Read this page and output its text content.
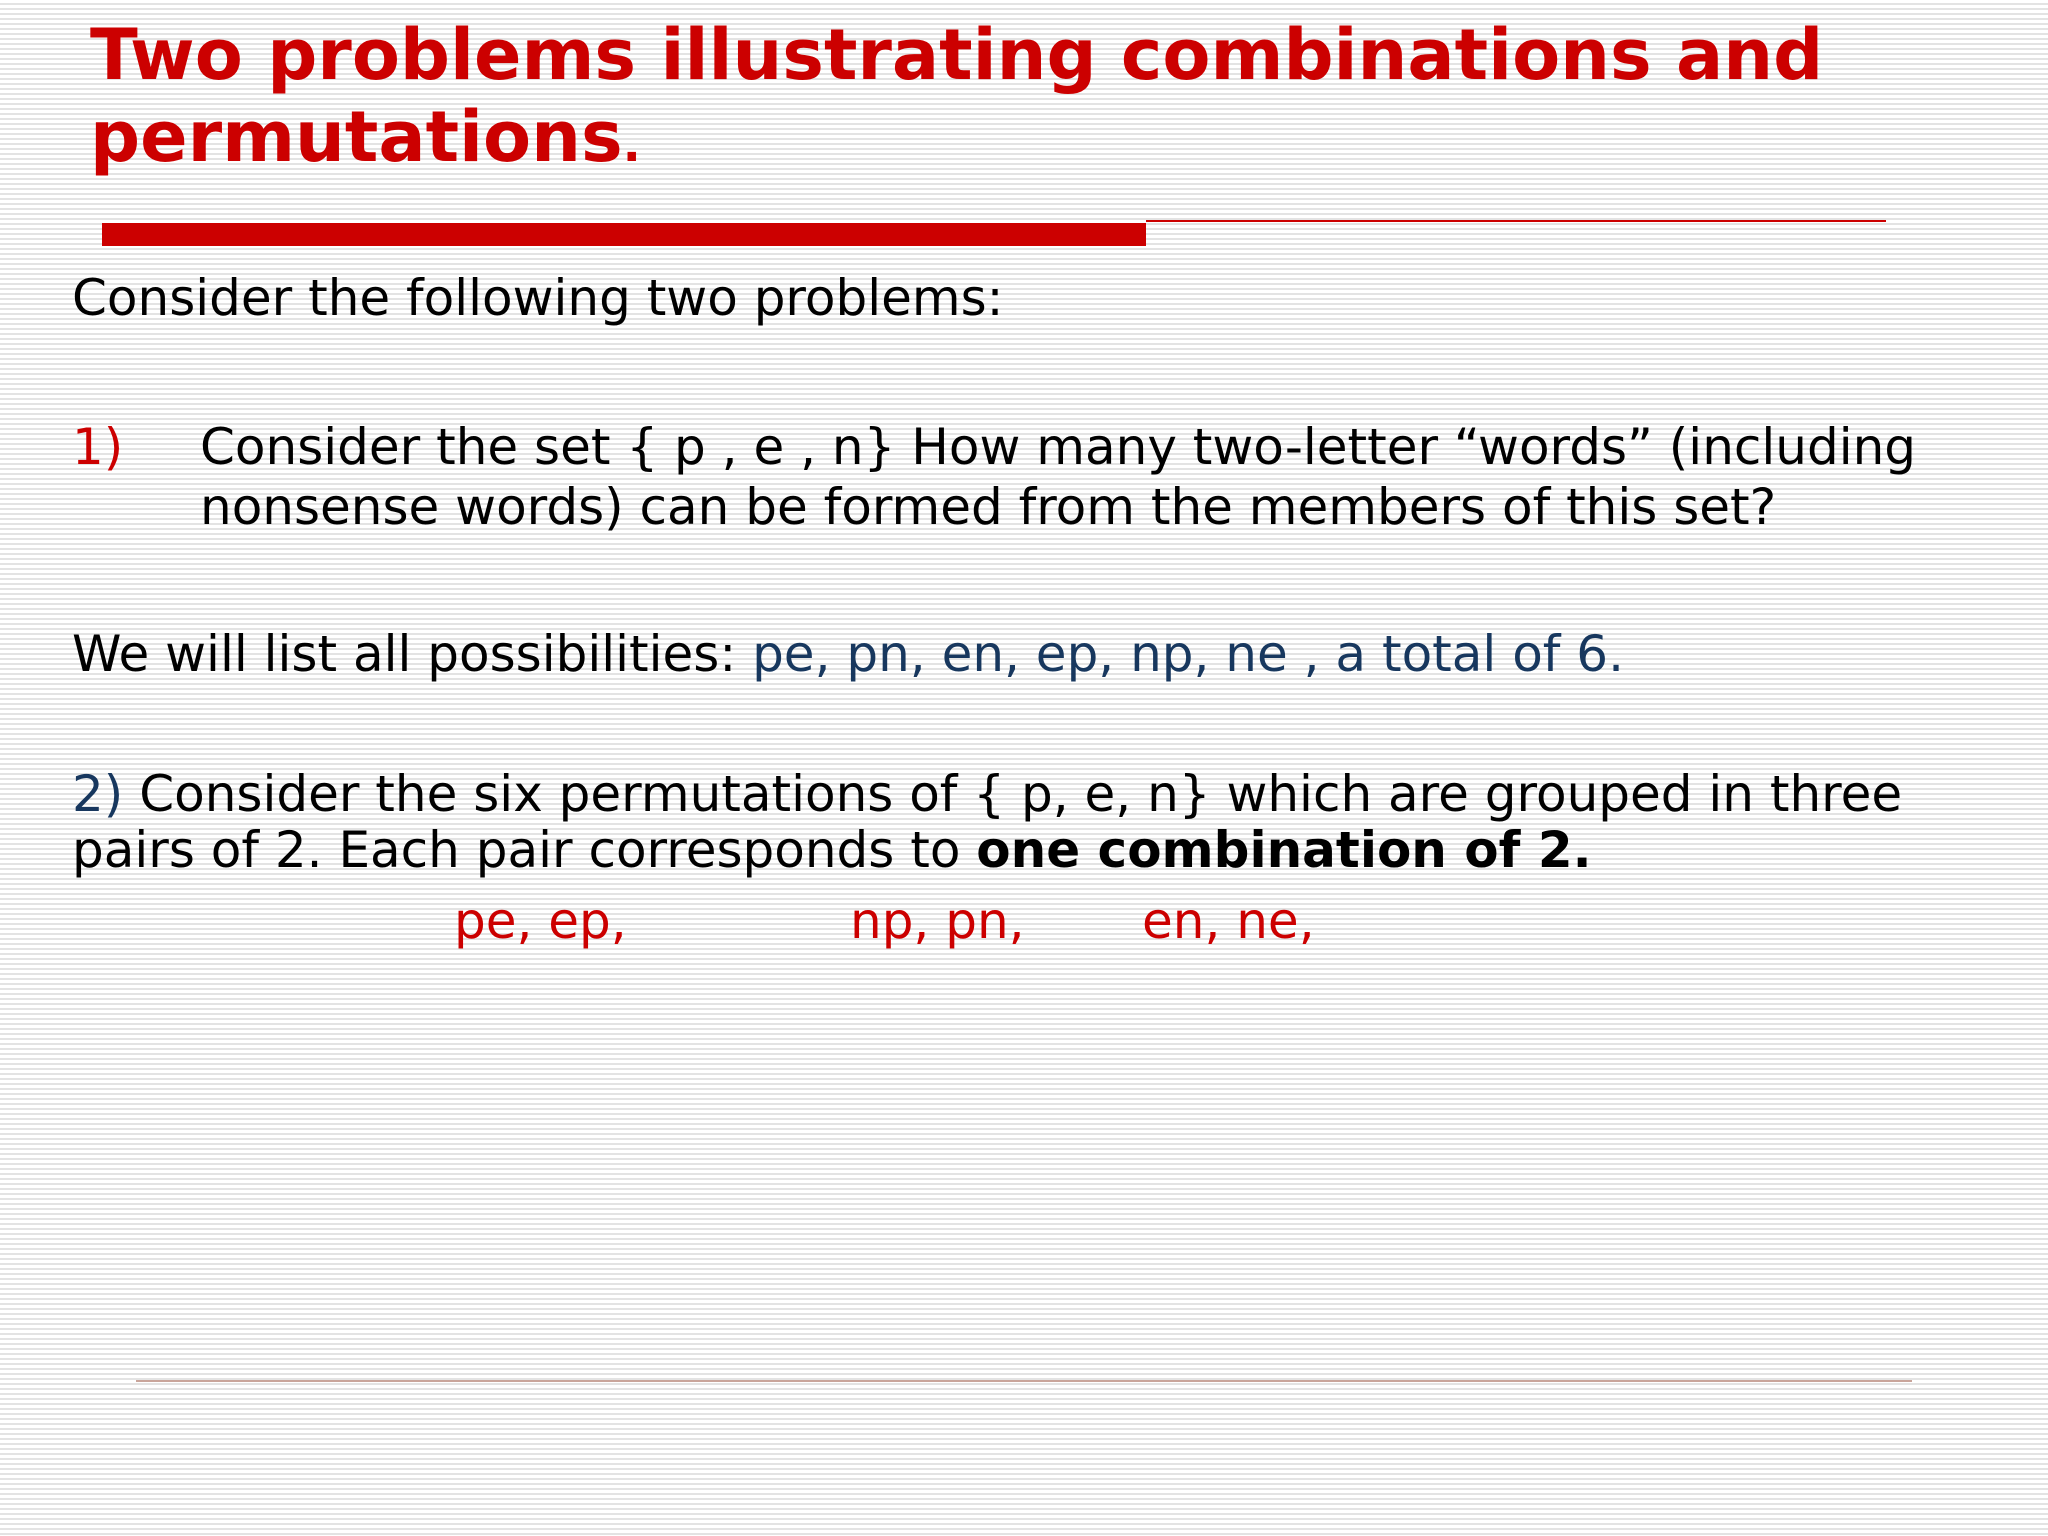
Two problems illustrating combinations and permutations.
Consider the following two problems:
1) Consider the set { p , e , n} How many two-letter “words” (including
nonsense words) can be formed from the members of this set?
We will list all possibilities: pe, pn, en, ep, np, ne , a total of 6.
2) Consider the six permutations of { p, e, n} which are grouped in three
pairs of 2. Each pair corresponds to one combination of 2.
pe, ep,	np, pn, en, ne,
